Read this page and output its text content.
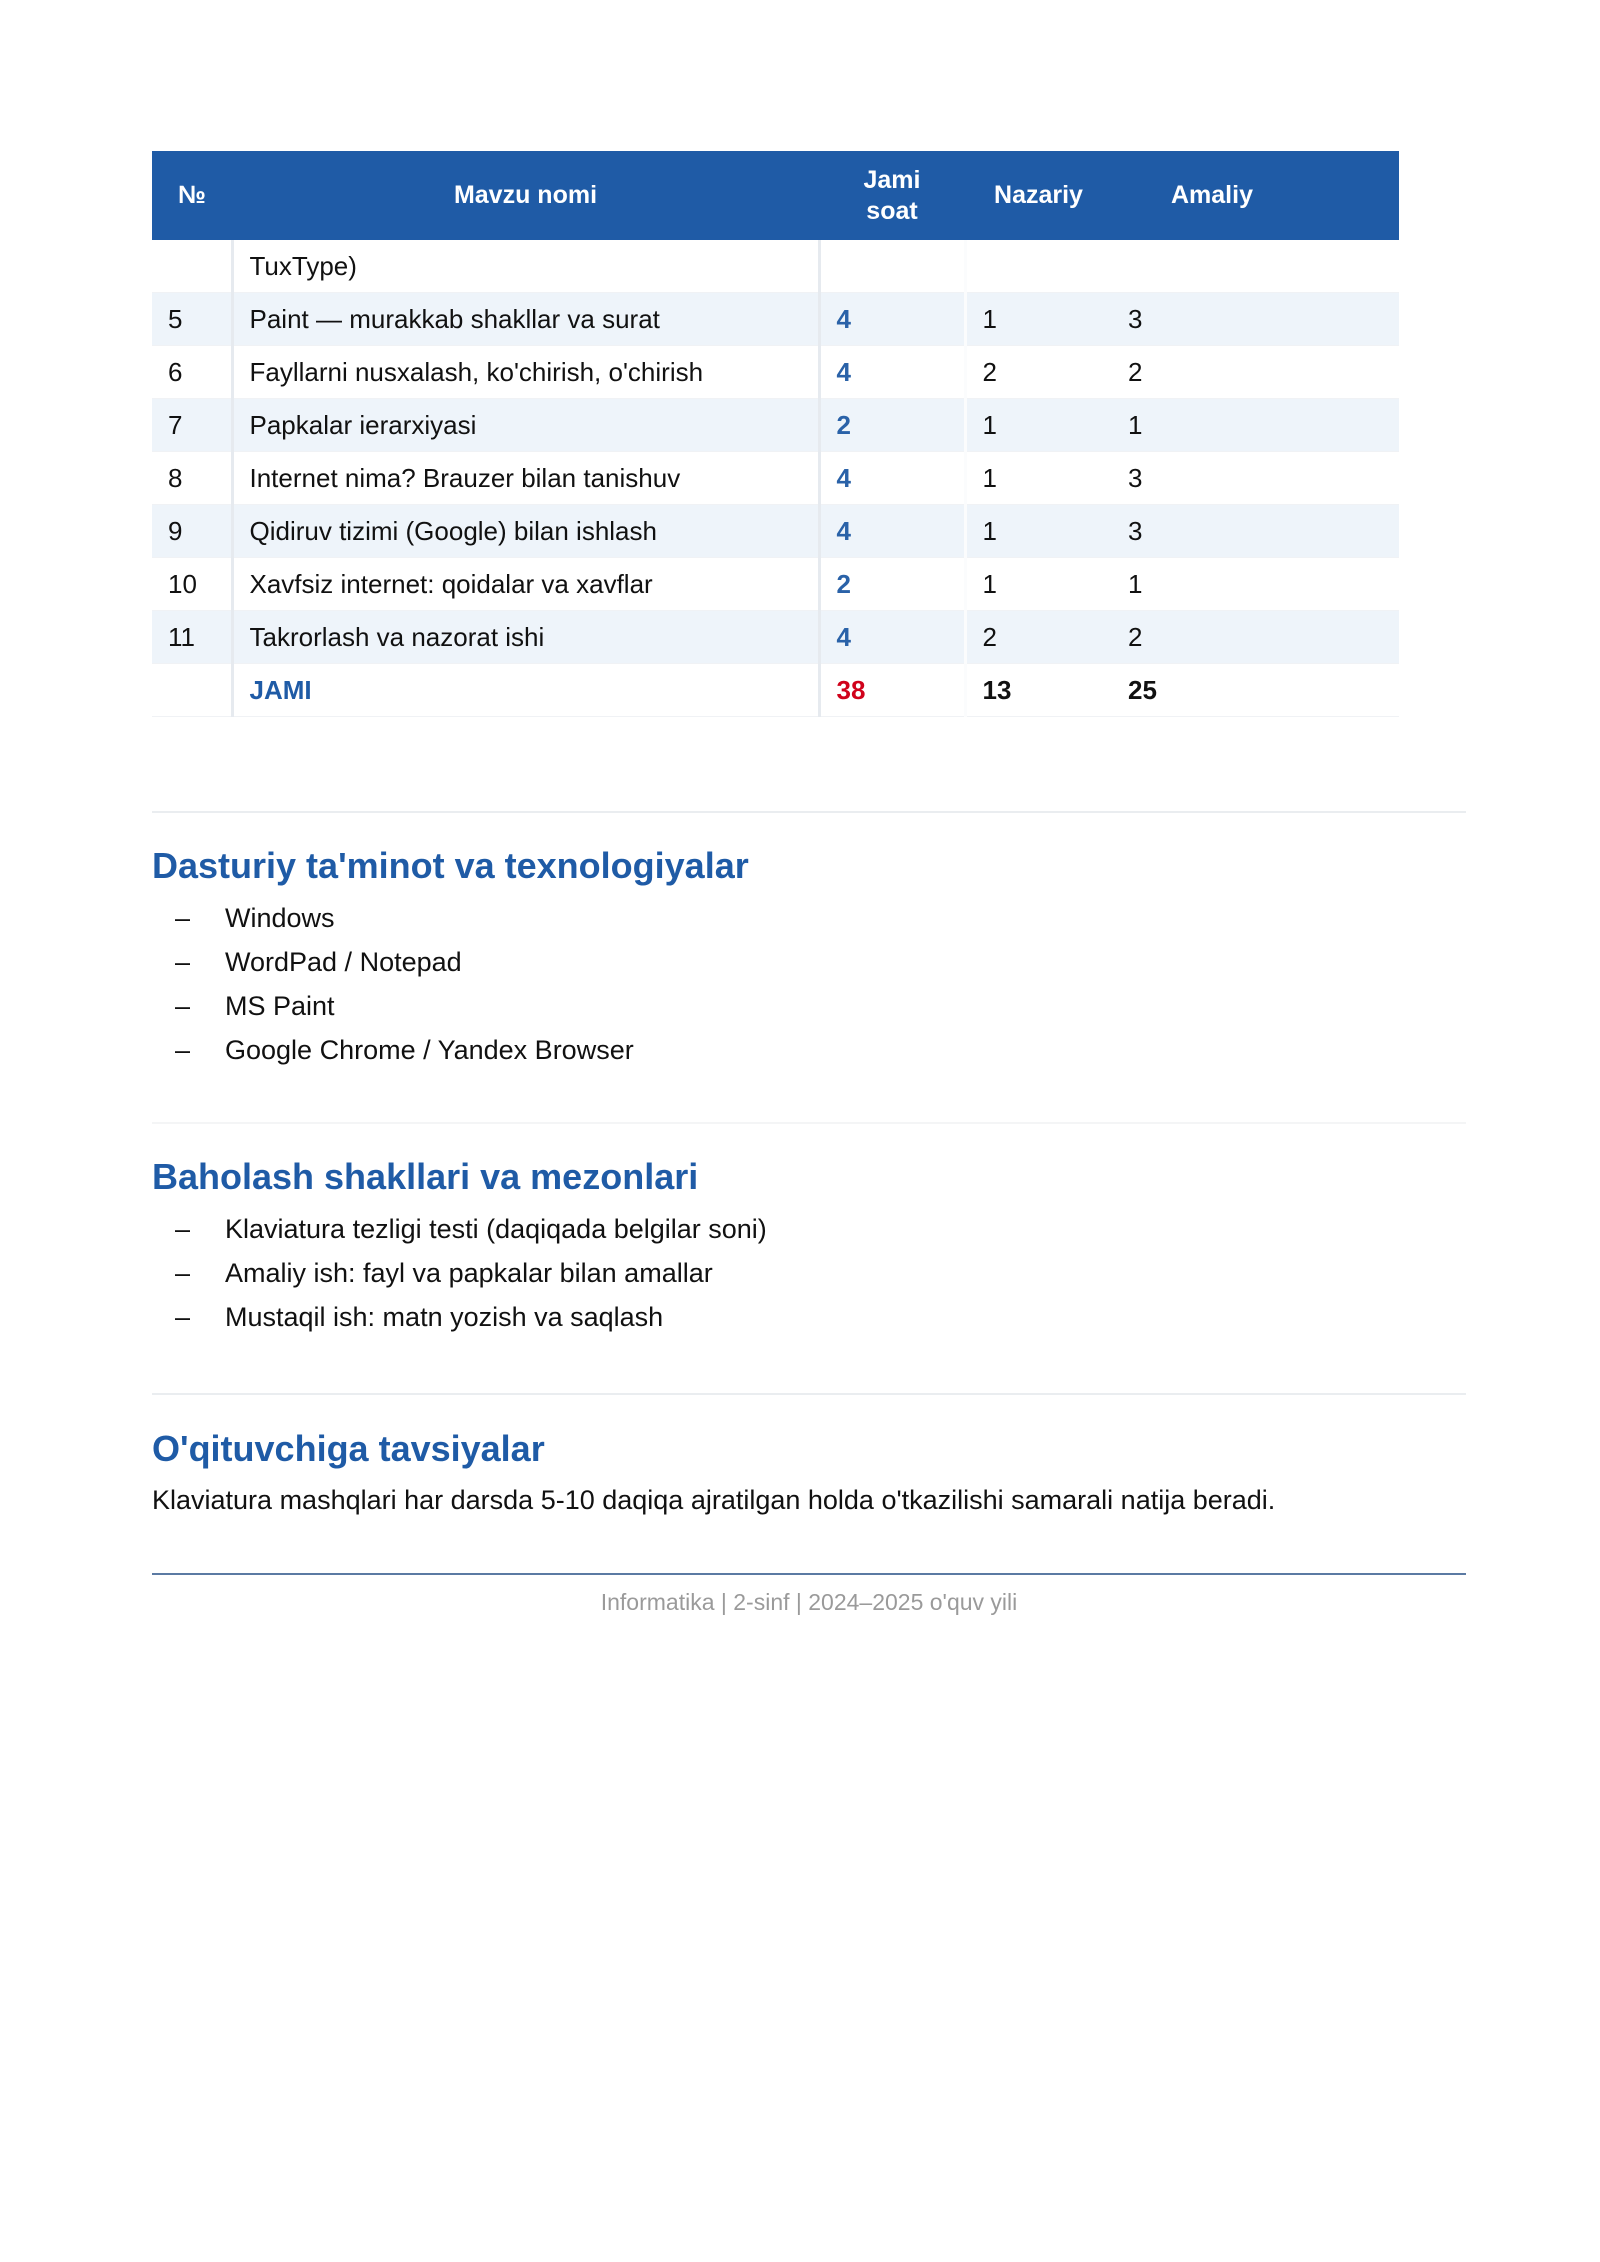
№	Mavzu nomi	Jami soat	Nazariy	Amaliy
	TuxType)			
5	Paint — murakkab shakllar va surat	4	1	3
6	Fayllarni nusxalash, ko'chirish, o'chirish	4	2	2
7	Papkalar ierarxiyasi	2	1	1
8	Internet nima? Brauzer bilan tanishuv	4	1	3
9	Qidiruv tizimi (Google) bilan ishlash	4	1	3
10	Xavfsiz internet: qoidalar va xavflar	2	1	1
11	Takrorlash va nazorat ishi	4	2	2
	JAMI	38	13	25
Dasturiy ta'minot va texnologiyalar
– Windows
– WordPad / Notepad
– MS Paint
– Google Chrome / Yandex Browser
Baholash shakllari va mezonlari
– Klaviatura tezligi testi (daqiqada belgilar soni)
– Amaliy ish: fayl va papkalar bilan amallar
– Mustaqil ish: matn yozish va saqlash
O'qituvchiga tavsiyalar

Klaviatura mashqlari har darsda 5-10 daqiqa ajratilgan holda o'tkazilishi samarali natija beradi.

Informatika | 2-sinf | 2024–2025 o'quv yili
